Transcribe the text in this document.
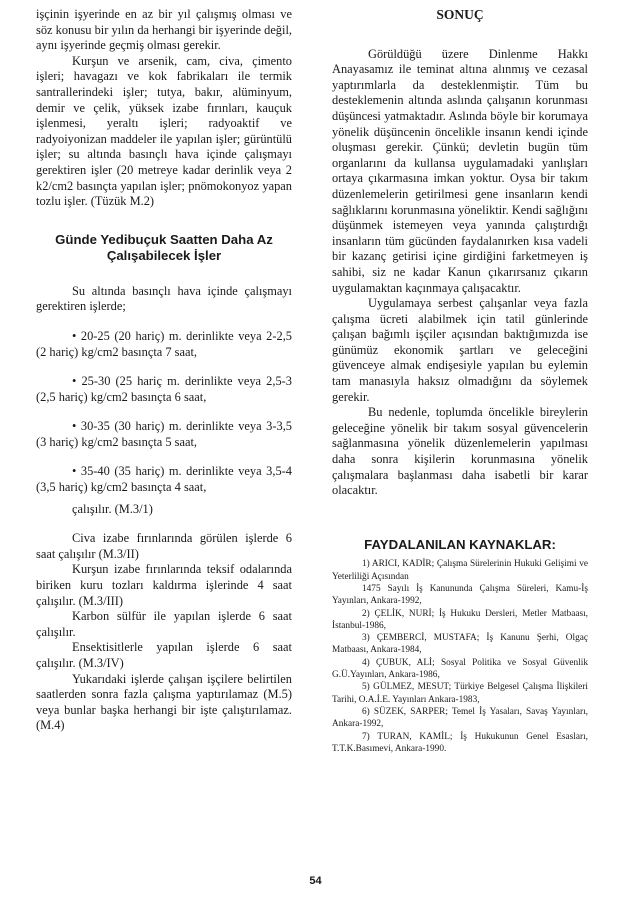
işçinin işyerinde en az bir yıl çalışmış olması ve söz konusu bir yılın da herhangi bir işyerinde değil, aynı işyerinde geçmiş olması gerekir.

Kurşun ve arsenik, cam, civa, çimento işleri; havagazı ve kok fabrikaları ile termik santrallerindeki işler; tutya, bakır, alüminyum, demir ve çelik, yüksek izabe fırınları, kauçuk işlenmesi, yeraltı işleri; radyoaktif ve radyoiyonizan maddeler ile yapılan işler; gürüntülü işler; su altında basınçlı hava içinde çalışmayı gerektiren işler (20 metreye kadar derinlik veya 2 k2/cm2 basınçta yapılan işler; pnömokonyoz yapan tozlu işler. (Tüzük M.2)

Günde Yedibuçuk Saatten Daha Az Çalışabilecek İşler

Su altında basınçlı hava içinde çalışmayı gerektiren işlerde;

• 20-25 (20 hariç) m. derinlikte veya 2-2,5 (2 hariç) kg/cm2 basınçta 7 saat,

• 25-30 (25 hariç m. derinlikte veya 2,5-3 (2,5 hariç) kg/cm2 basınçta 6 saat,

• 30-35 (30 hariç) m. derinlikte veya 3-3,5 (3 hariç) kg/cm2 basınçta 5 saat,

• 35-40 (35 hariç) m. derinlikte veya 3,5-4 (3,5 hariç) kg/cm2 basınçta 4 saat,

çalışılır. (M.3/1)

Civa izabe fırınlarında görülen işlerde 6 saat çalışılır (M.3/II)

Kurşun izabe fırınlarında teksif odalarında biriken kuru tozları kaldırma işlerinde 4 saat çalışılır. (M.3/III)

Karbon sülfür ile yapılan işlerde 6 saat çalışılır.

Ensektisitlerle yapılan işlerde 6 saat çalışılır. (M.3/IV)

Yukarıdaki işlerde çalışan işçilere belirtilen saatlerden sonra fazla çalışma yaptırılamaz (M.5) veya bunlar başka herhangi bir işte çalıştırılamaz. (M.4)

SONUÇ

Görüldüğü üzere Dinlenme Hakkı Anayasamız ile teminat altına alınmış ve cezasal yaptırımlarla da desteklenmiştir. Tüm bu desteklemenin altında aslında çalışanın korunması düşüncesi yatmaktadır. Aslında böyle bir korumaya yönelik düşüncenin öncelikle insanın kendi içinde oluşması gerekir. Çünkü; devletin bugün tüm organlarını da kullansa uygulamadaki yanlışları ortaya çıkarmasına imkan yoktur. Oysa bir takım düzenlemelerin getirilmesi gene insanların kendi sağlıklarını korunmasına yöneliktir. Kendi sağlığını düşünmek istemeyen veya yanında çalıştırdığı insanların tüm gücünden faydalanırken kısa vadeli bir kazanç getirisi içine girdiğini farketmeyen iş sahibi, siz ne kadar Kanun çıkarırsanız çıkarın uygulamaktan kaçınmaya çalışacaktır.

Uygulamaya serbest çalışanlar veya fazla çalışma ücreti alabilmek için tatil günlerinde çalışan bağımlı işçiler açısından baktığımızda ise günümüz ekonomik şartları ve geleceğini güvenceye almak endişesiyle yapılan bu eylemin tam manasıyla haksız olmadığını da söylemek gerekir.

Bu nedenle, toplumda öncelikle bireylerin geleceğine yönelik bir takım sosyal güvencelerin sağlanmasına yönelik düzenlemelerin yapılması daha sonra kişilerin korunmasına yönelik çalışmalara başlanması daha isabetli bir karar olacaktır.

FAYDALANILAN KAYNAKLAR:

1) ARICI, KADİR; Çalışma Sürelerinin Hukuki Gelişimi ve Yeterliliği Açısından

1475 Sayılı İş Kanununda Çalışma Süreleri, Kamu-İş Yayınları, Ankara-1992,

2) ÇELİK, NURİ; İş Hukuku Dersleri, Metler Matbaası, İstanbul-1986,

3) ÇEMBERCİ, MUSTAFA; İş Kanunu Şerhi, Olgaç Matbaası, Ankara-1984,

4) ÇUBUK, ALİ; Sosyal Politika ve Sosyal Güvenlik G.Ü.Yayınları, Ankara-1986,

5) GÜLMEZ, MESUT; Türkiye Belgesel Çalışma İlişkileri Tarihi, O.A.İ.E. Yayınları Ankara-1983,

6) SÜZEK, SARPER; Temel İş Yasaları, Savaş Yayınları, Ankara-1992,

7) TURAN, KAMİL; İş Hukukunun Genel Esasları, T.T.K.Basımevi, Ankara-1990.

54
